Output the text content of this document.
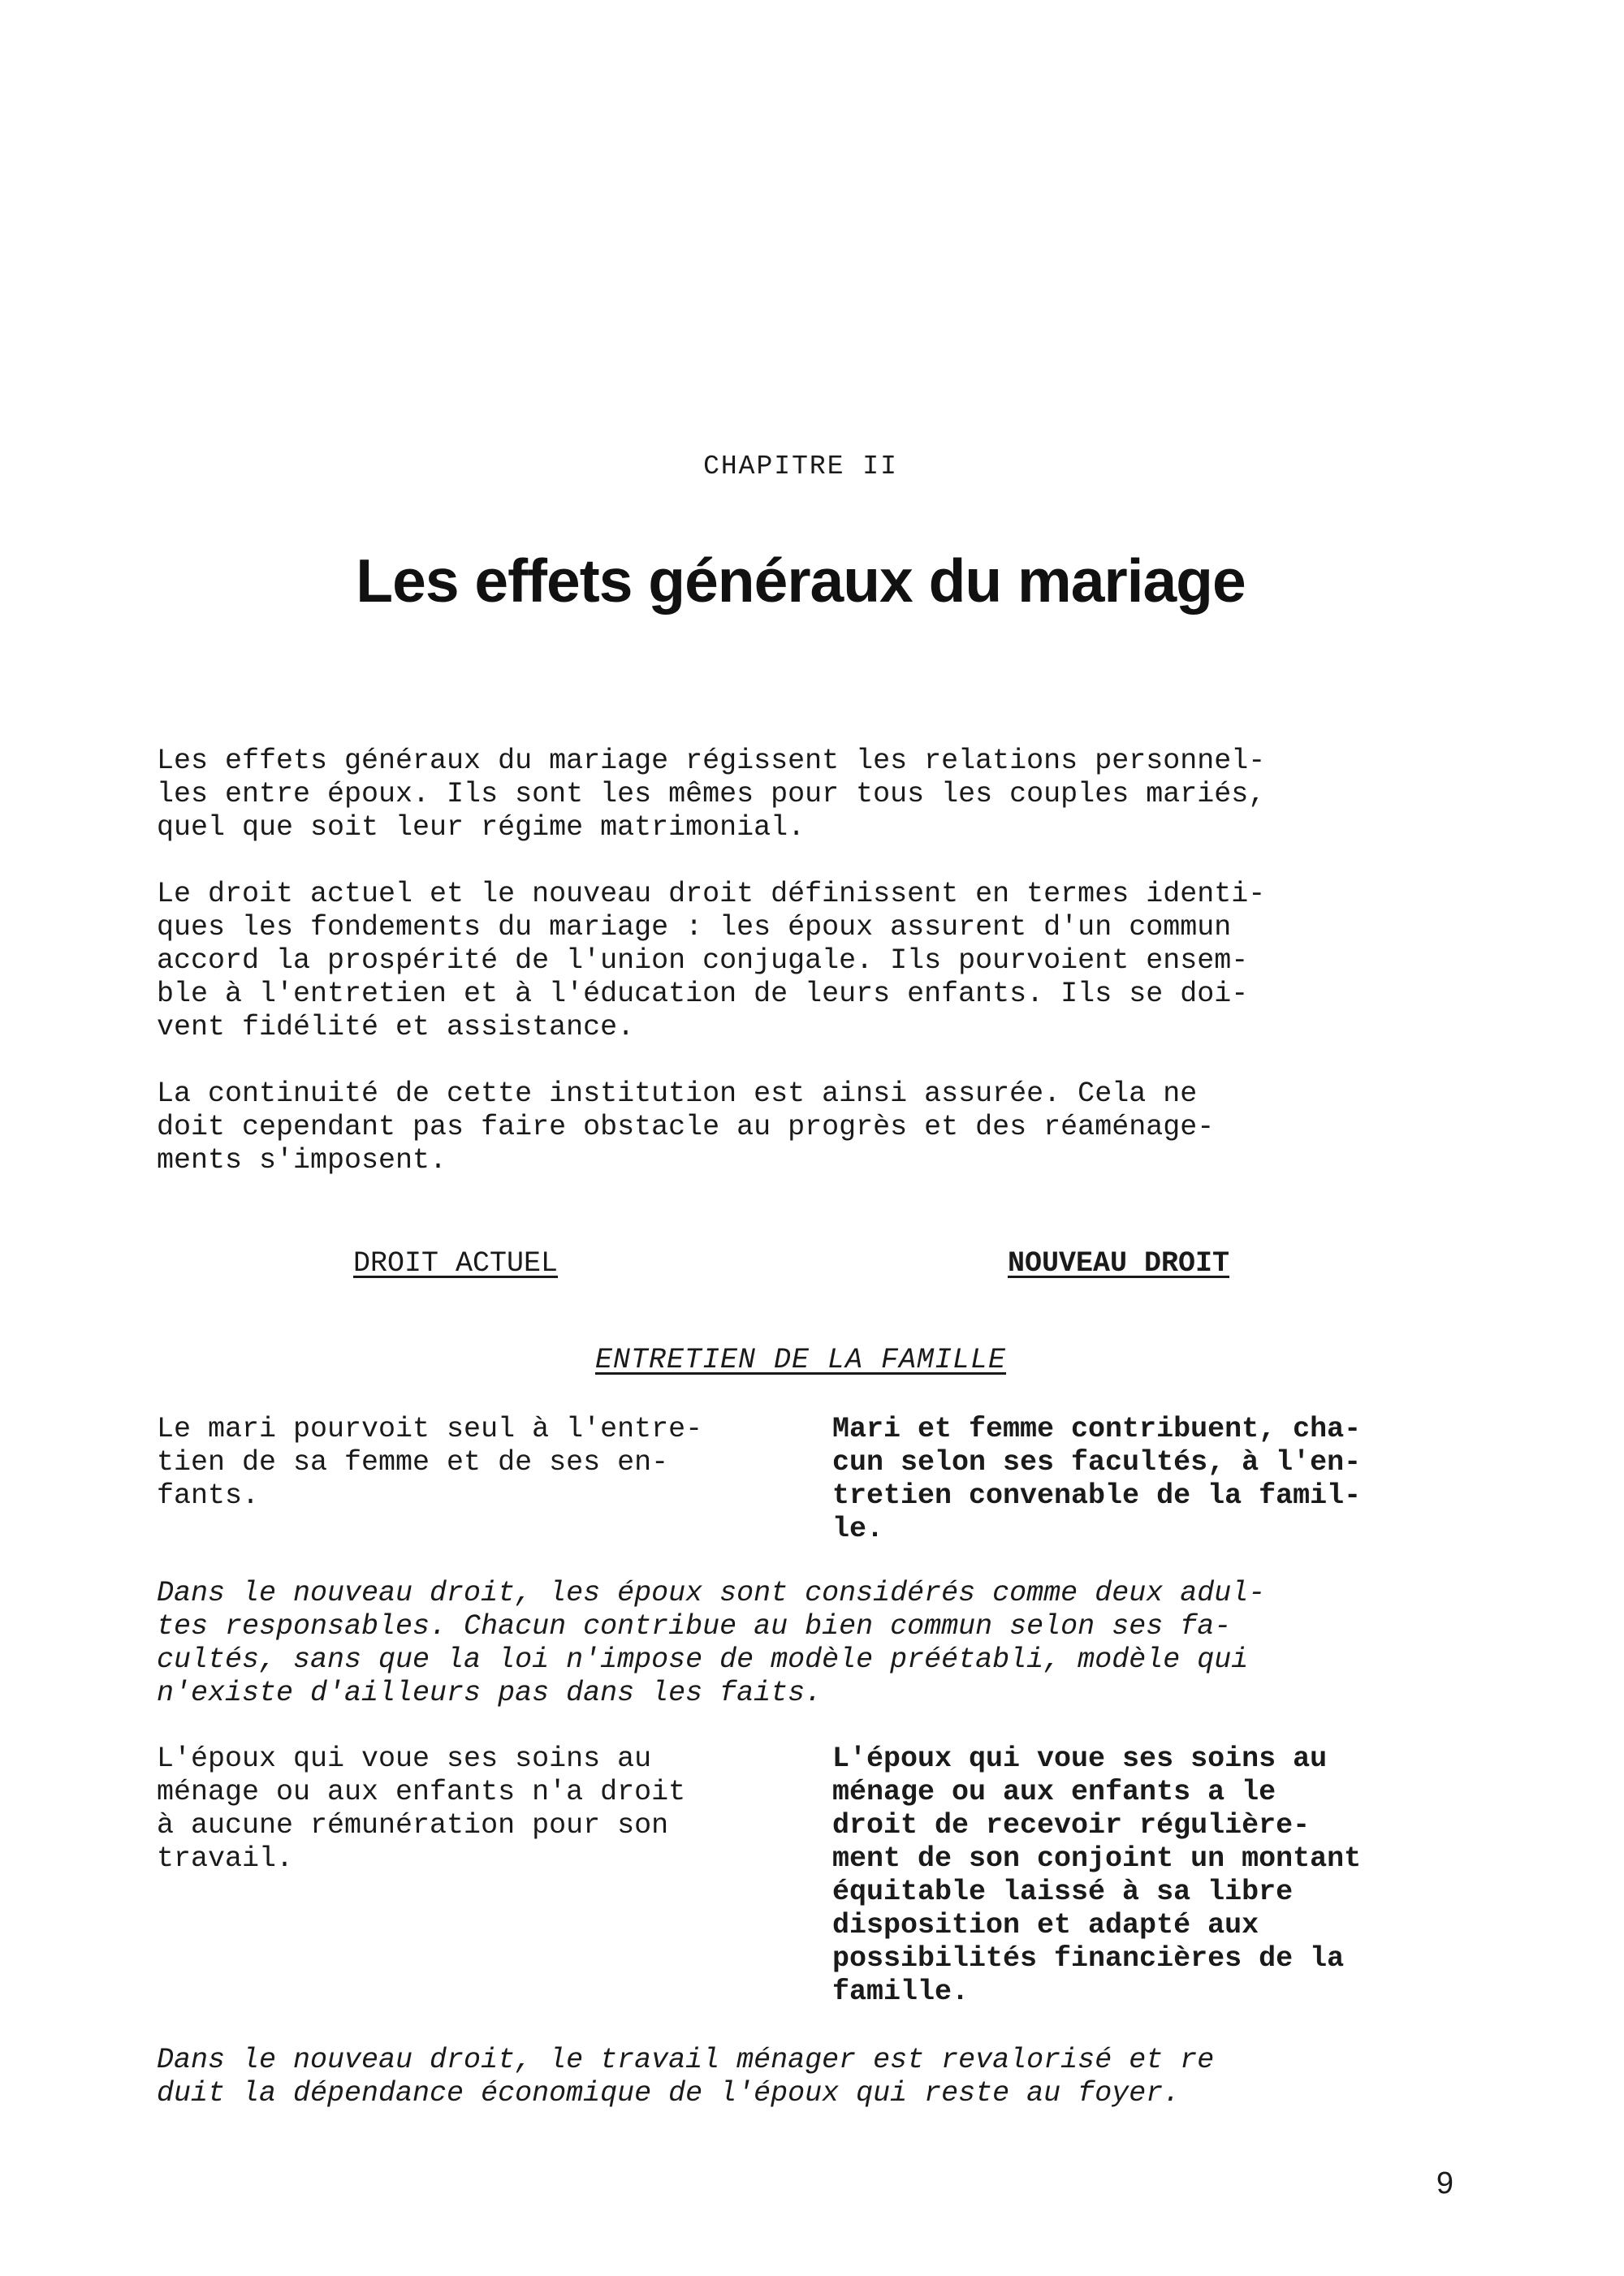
CHAPITRE II
Les effets généraux du mariage
Les effets généraux du mariage régissent les relations personnel-
les entre époux. Ils sont les mêmes pour tous les couples mariés,
quel que soit leur régime matrimonial.
Le droit actuel et le nouveau droit définissent en termes identi-
ques les fondements du mariage : les époux assurent d'un commun
accord la prospérité de l'union conjugale. Ils pourvoient ensem-
ble à l'entretien et à l'éducation de leurs enfants. Ils se doi-
vent fidélité et assistance.
La continuité de cette institution est ainsi assurée. Cela ne
doit cependant pas faire obstacle au progrès et des réaménage-
ments s'imposent.
DROIT ACTUEL	NOUVEAU DROIT
ENTRETIEN DE LA FAMILLE
Le mari pourvoit seul à l'entre-
tien de sa femme et de ses en-
fants.
Mari et femme contribuent, cha-
cun selon ses facultés, à l'en-
tretien convenable de la famil-
le.
Dans le nouveau droit, les époux sont considérés comme deux adul-
tes responsables. Chacun contribue au bien commun selon ses fa-
cultés, sans que la loi n'impose de modèle préétabli, modèle qui
n'existe d'ailleurs pas dans les faits.
L'époux qui voue ses soins au
ménage ou aux enfants n'a droit
à aucune rémunération pour son
travail.
L'époux qui voue ses soins au
ménage ou aux enfants a le
droit de recevoir régulière-
ment de son conjoint un montant
équitable laissé à sa libre
disposition et adapté aux
possibilités financières de la
famille.
Dans le nouveau droit, le travail ménager est revalorisé et re
duit la dépendance économique de l'époux qui reste au foyer.
9
